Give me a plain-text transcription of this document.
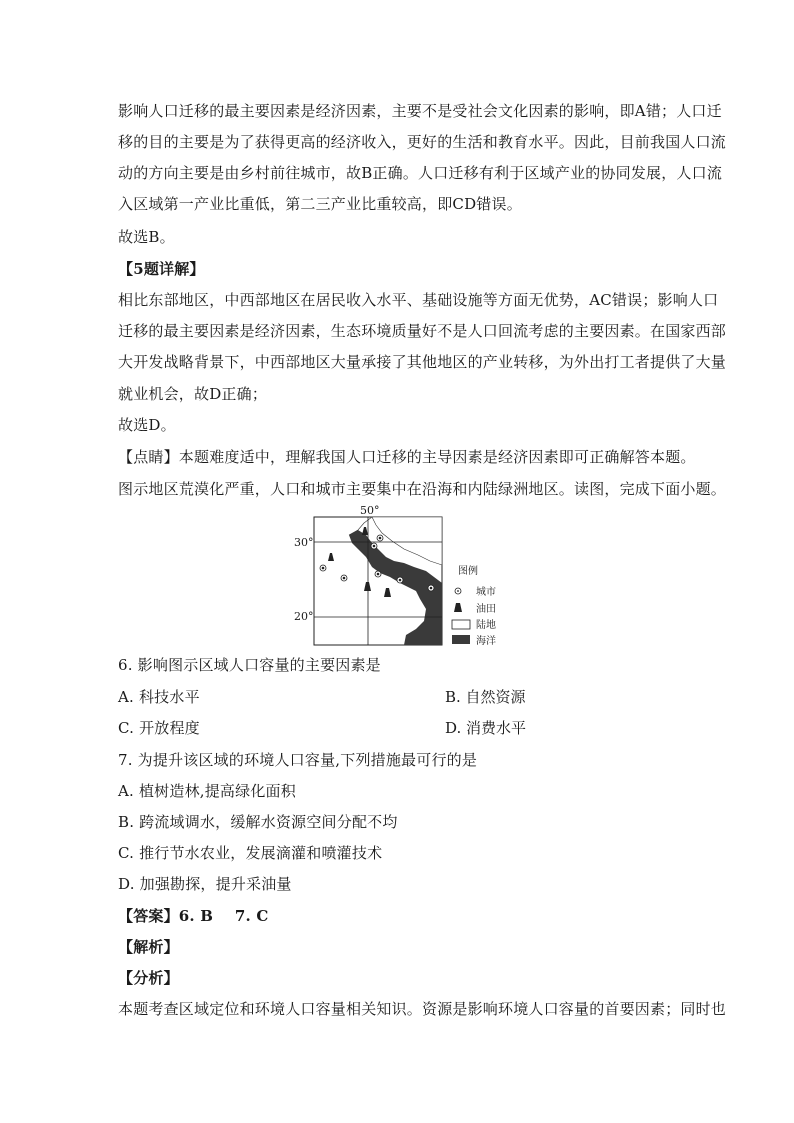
影响人口迁移的最主要因素是经济因素，主要不是受社会文化因素的影响，即A错；人口迁
移的目的主要是为了获得更高的经济收入，更好的生活和教育水平。因此，目前我国人口流
动的方向主要是由乡村前往城市，故B正确。人口迁移有利于区域产业的协同发展，人口流
入区域第一产业比重低，第二三产业比重较高，即CD错误。
故选B。
【5题详解】
相比东部地区，中西部地区在居民收入水平、基础设施等方面无优势，AC错误；影响人口
迁移的最主要因素是经济因素，生态环境质量好不是人口回流考虑的主要因素。在国家西部
大开发战略背景下，中西部地区大量承接了其他地区的产业转移，为外出打工者提供了大量
就业机会，故D正确；
故选D。
【点睛】本题难度适中，理解我国人口迁移的主导因素是经济因素即可正确解答本题。
图示地区荒漠化严重，人口和城市主要集中在沿海和内陆绿洲地区。读图，完成下面小题。
50°
30°
20°
图例
城市
油田
陆地
海洋
6. 影响图示区域人口容量的主要因素是
A. 科技水平	B. 自然资源
C. 开放程度	D. 消费水平
7. 为提升该区域的环境人口容量,下列措施最可行的是
A. 植树造林,提高绿化面积
B. 跨流域调水，缓解水资源空间分配不均
C. 推行节水农业，发展滴灌和喷灌技术
D. 加强勘探，提升采油量
【答案】6. B    7. C
【解析】
【分析】
本题考查区域定位和环境人口容量相关知识。资源是影响环境人口容量的首要因素；同时也
